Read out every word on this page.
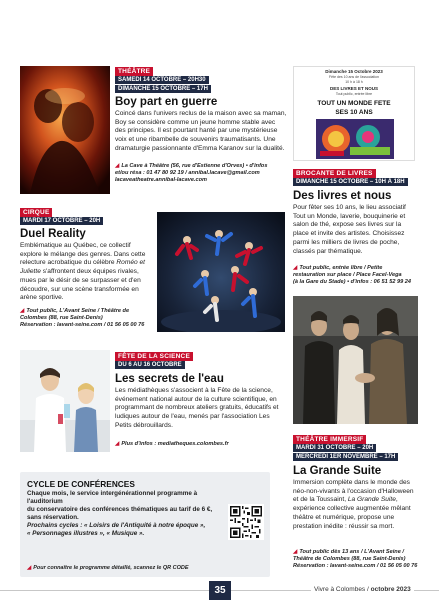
THÉÂTRE
SAMEDI 14 OCTOBRE – 20H30
DIMANCHE 15 OCTOBRE – 17H
Boy part en guerre
Coincé dans l'univers reclus de la maison avec sa maman, Boy se considère comme un jeune homme stable avec des principes. Il est pourtant hanté par une mystérieuse voix et une ribambelle de souvenirs traumatisants. Une dramaturgie passionnante d'Emma Karanov sur la dualité.
◢ La Cave à Théâtre (56, rue d'Estienne d'Orves) • d'infos
et/ou résa : 01 47 80 92 19 / annibal.lacave@gmail.com
lacaveatheatre.annibal-lacave.com
Dimanche 15 Octobre 2023
Fête des 10 ans de l'association
10 h à 18 h
DES LIVRES ET NOUS
Tout public, entrée libre
TOUT UN MONDE FETE
SES 10 ANS
CIRQUE
MARDI 17 OCTOBRE – 20H
Duel Reality
Emblématique au Québec, ce collectif explore le mélange des genres. Dans cette relecture acrobatique du célèbre Roméo et Juliette s'affrontent deux équipes rivales, mues par le désir de se surpasser et d'en découdre, sur une scène transformée en arène sportive.
◢ Tout public, L'Avant Seine / Théâtre de
Colombes (88, rue Saint-Denis)
Réservation : lavant-seine.com / 01 56 05 00 76
BROCANTE DE LIVRES
DIMANCHE 15 OCTOBRE – 10H À 18H
Des livres et nous
Pour fêter ses 10 ans, le lieu associatif Tout un Monde, laverie, bouquinerie et salon de thé, expose ses livres sur la place et invite des artistes. Choisissez parmi les milliers de livres de poche, classés par thématique.
◢ Tout public, entrée libre / Petite
restauration sur place / Place Facel-Vega
(à la Gare du Stade) • d'infos : 06 51 52 99 24
FÊTE DE LA SCIENCE
DU 6 AU 16 OCTOBRE
Les secrets de l'eau
Les médiathèques s'associent à la Fête de la science, événement national autour de la culture scientifique, en programmant de nombreux ateliers gratuits, éducatifs et ludiques autour de l'eau, menés par l'association Les Petits débrouillards.
◢ Plus d'infos : mediatheques.colombes.fr
THÉÂTRE IMMERSIF
MARDI 31 OCTOBRE – 20H
MERCREDI 1ER NOVEMBRE – 17H
La Grande Suite
Immersion complète dans le monde des néo-non-vivants à l'occasion d'Halloween et de la Toussaint, La Grande Suite, expérience collective augmentée mêlant théâtre et numérique, propose une prestation inédite : réussir sa mort.
◢ Tout public dès 13 ans / L'Avant Seine /
Théâtre de Colombes (88, rue Saint-Denis)
Réservation : lavant-seine.com / 01 56 05 00 76
CYCLE DE CONFÉRENCES
Chaque mois, le service intergénérationnel programme à l'auditorium
du conservatoire des conférences thématiques au tarif de 6 €,
sans réservation.
Prochains cycles : « Loisirs de l'Antiquité à notre époque »,
« Personnages illustres », « Musique ».
◢ Pour connaître le programme détaillé, scannez le QR CODE
35	Vivre à Colombes / octobre 2023
